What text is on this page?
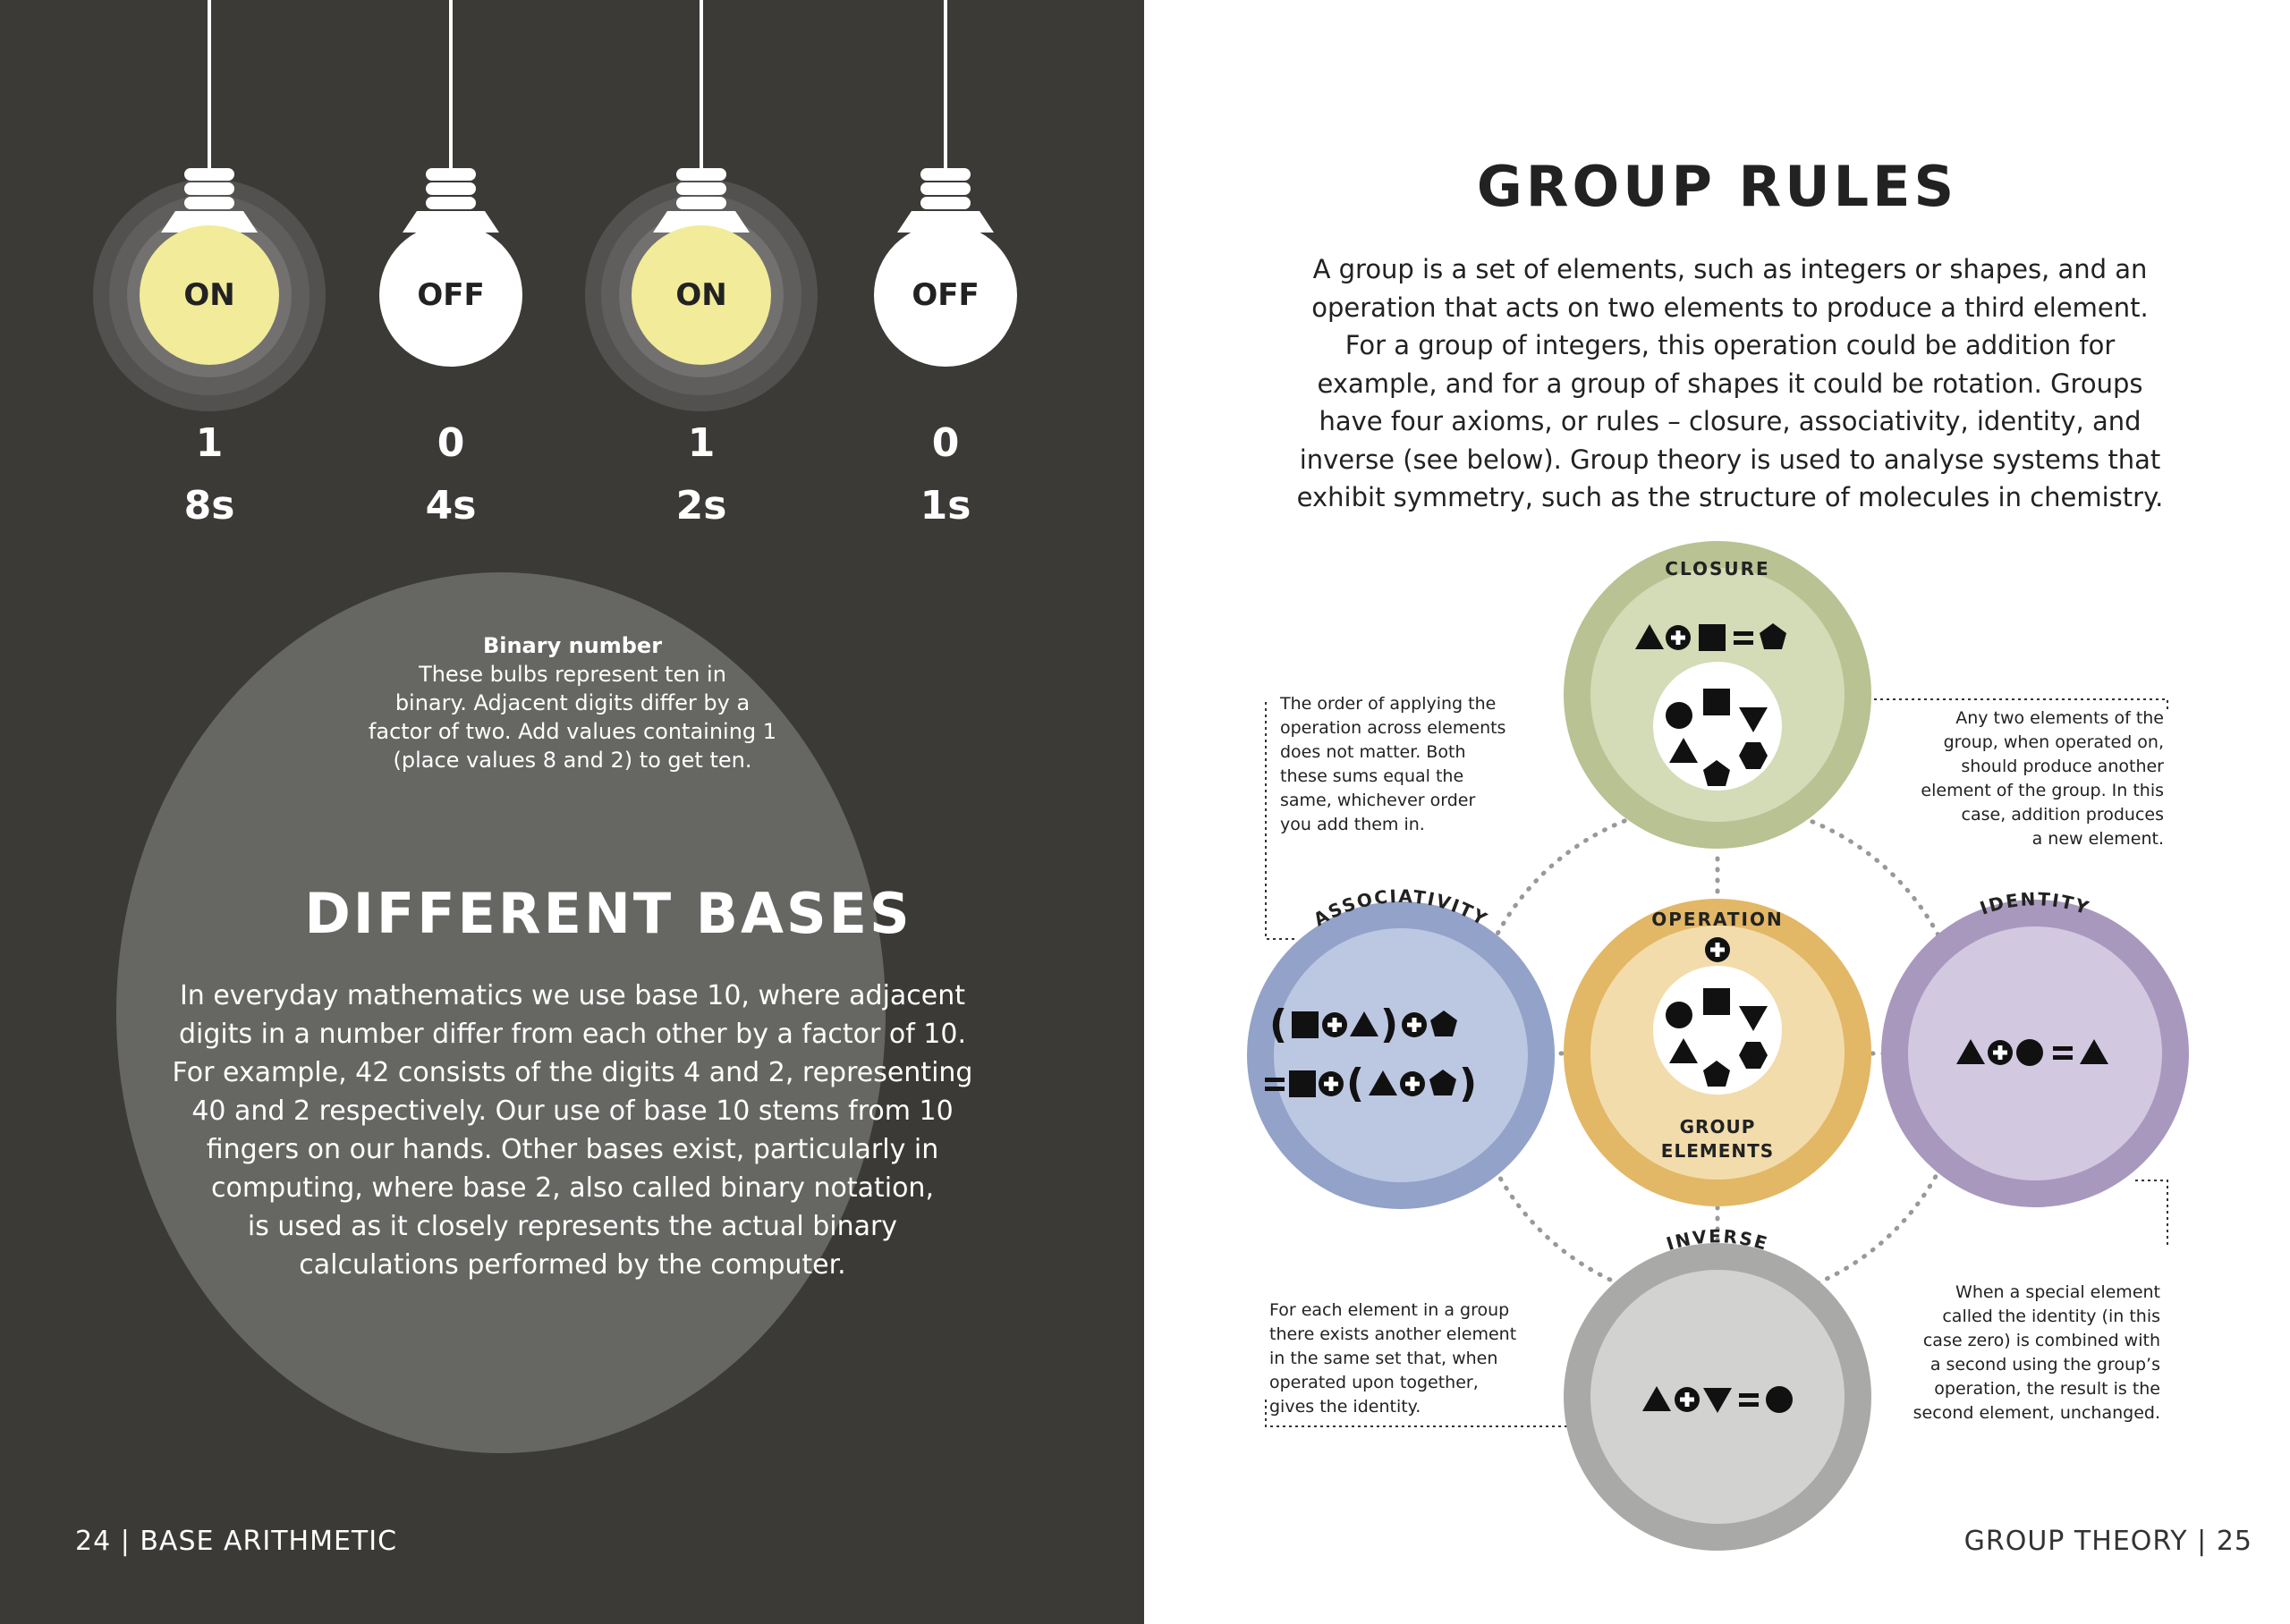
ON
1
8s
OFF
0
4s
ON
1
2s
OFF
0
1s
Binary number
These bulbs represent ten in
binary. Adjacent digits differ by a
factor of two. Add values containing 1
(place values 8 and 2) to get ten.
DIFFERENT BASES
In everyday mathematics we use base 10, where adjacent
digits in a number differ from each other by a factor of 10.
For example, 42 consists of the digits 4 and 2, representing
40 and 2 respectively. Our use of base 10 stems from 10
fingers on our hands. Other bases exist, particularly in
computing, where base 2, also called binary notation,
is used as it closely represents the actual binary
calculations performed by the computer.
24 | BASE ARITHMETIC
GROUP RULES
A group is a set of elements, such as integers or shapes, and an
operation that acts on two elements to produce a third element.
For a group of integers, this operation could be addition for
example, and for a group of shapes it could be rotation. Groups
have four axioms, or rules – closure, associativity, identity, and
inverse (see below). Group theory is used to analyse systems that
exhibit symmetry, such as the structure of molecules in chemistry.
CLOSURE
ASSOCIATIVITY
( )
( )
OPERATION
GROUP
ELEMENTS
IDENTITY
INVERSE
The order of applying the
operation across elements
does not matter. Both
these sums equal the
same, whichever order
you add them in.
Any two elements of the
group, when operated on,
should produce another
element of the group. In this
case, addition produces
a new element.
For each element in a group
there exists another element
in the same set that, when
operated upon together,
gives the identity.
When a special element
called the identity (in this
case zero) is combined with
a second using the group’s
operation, the result is the
second element, unchanged.
GROUP THEORY | 25
